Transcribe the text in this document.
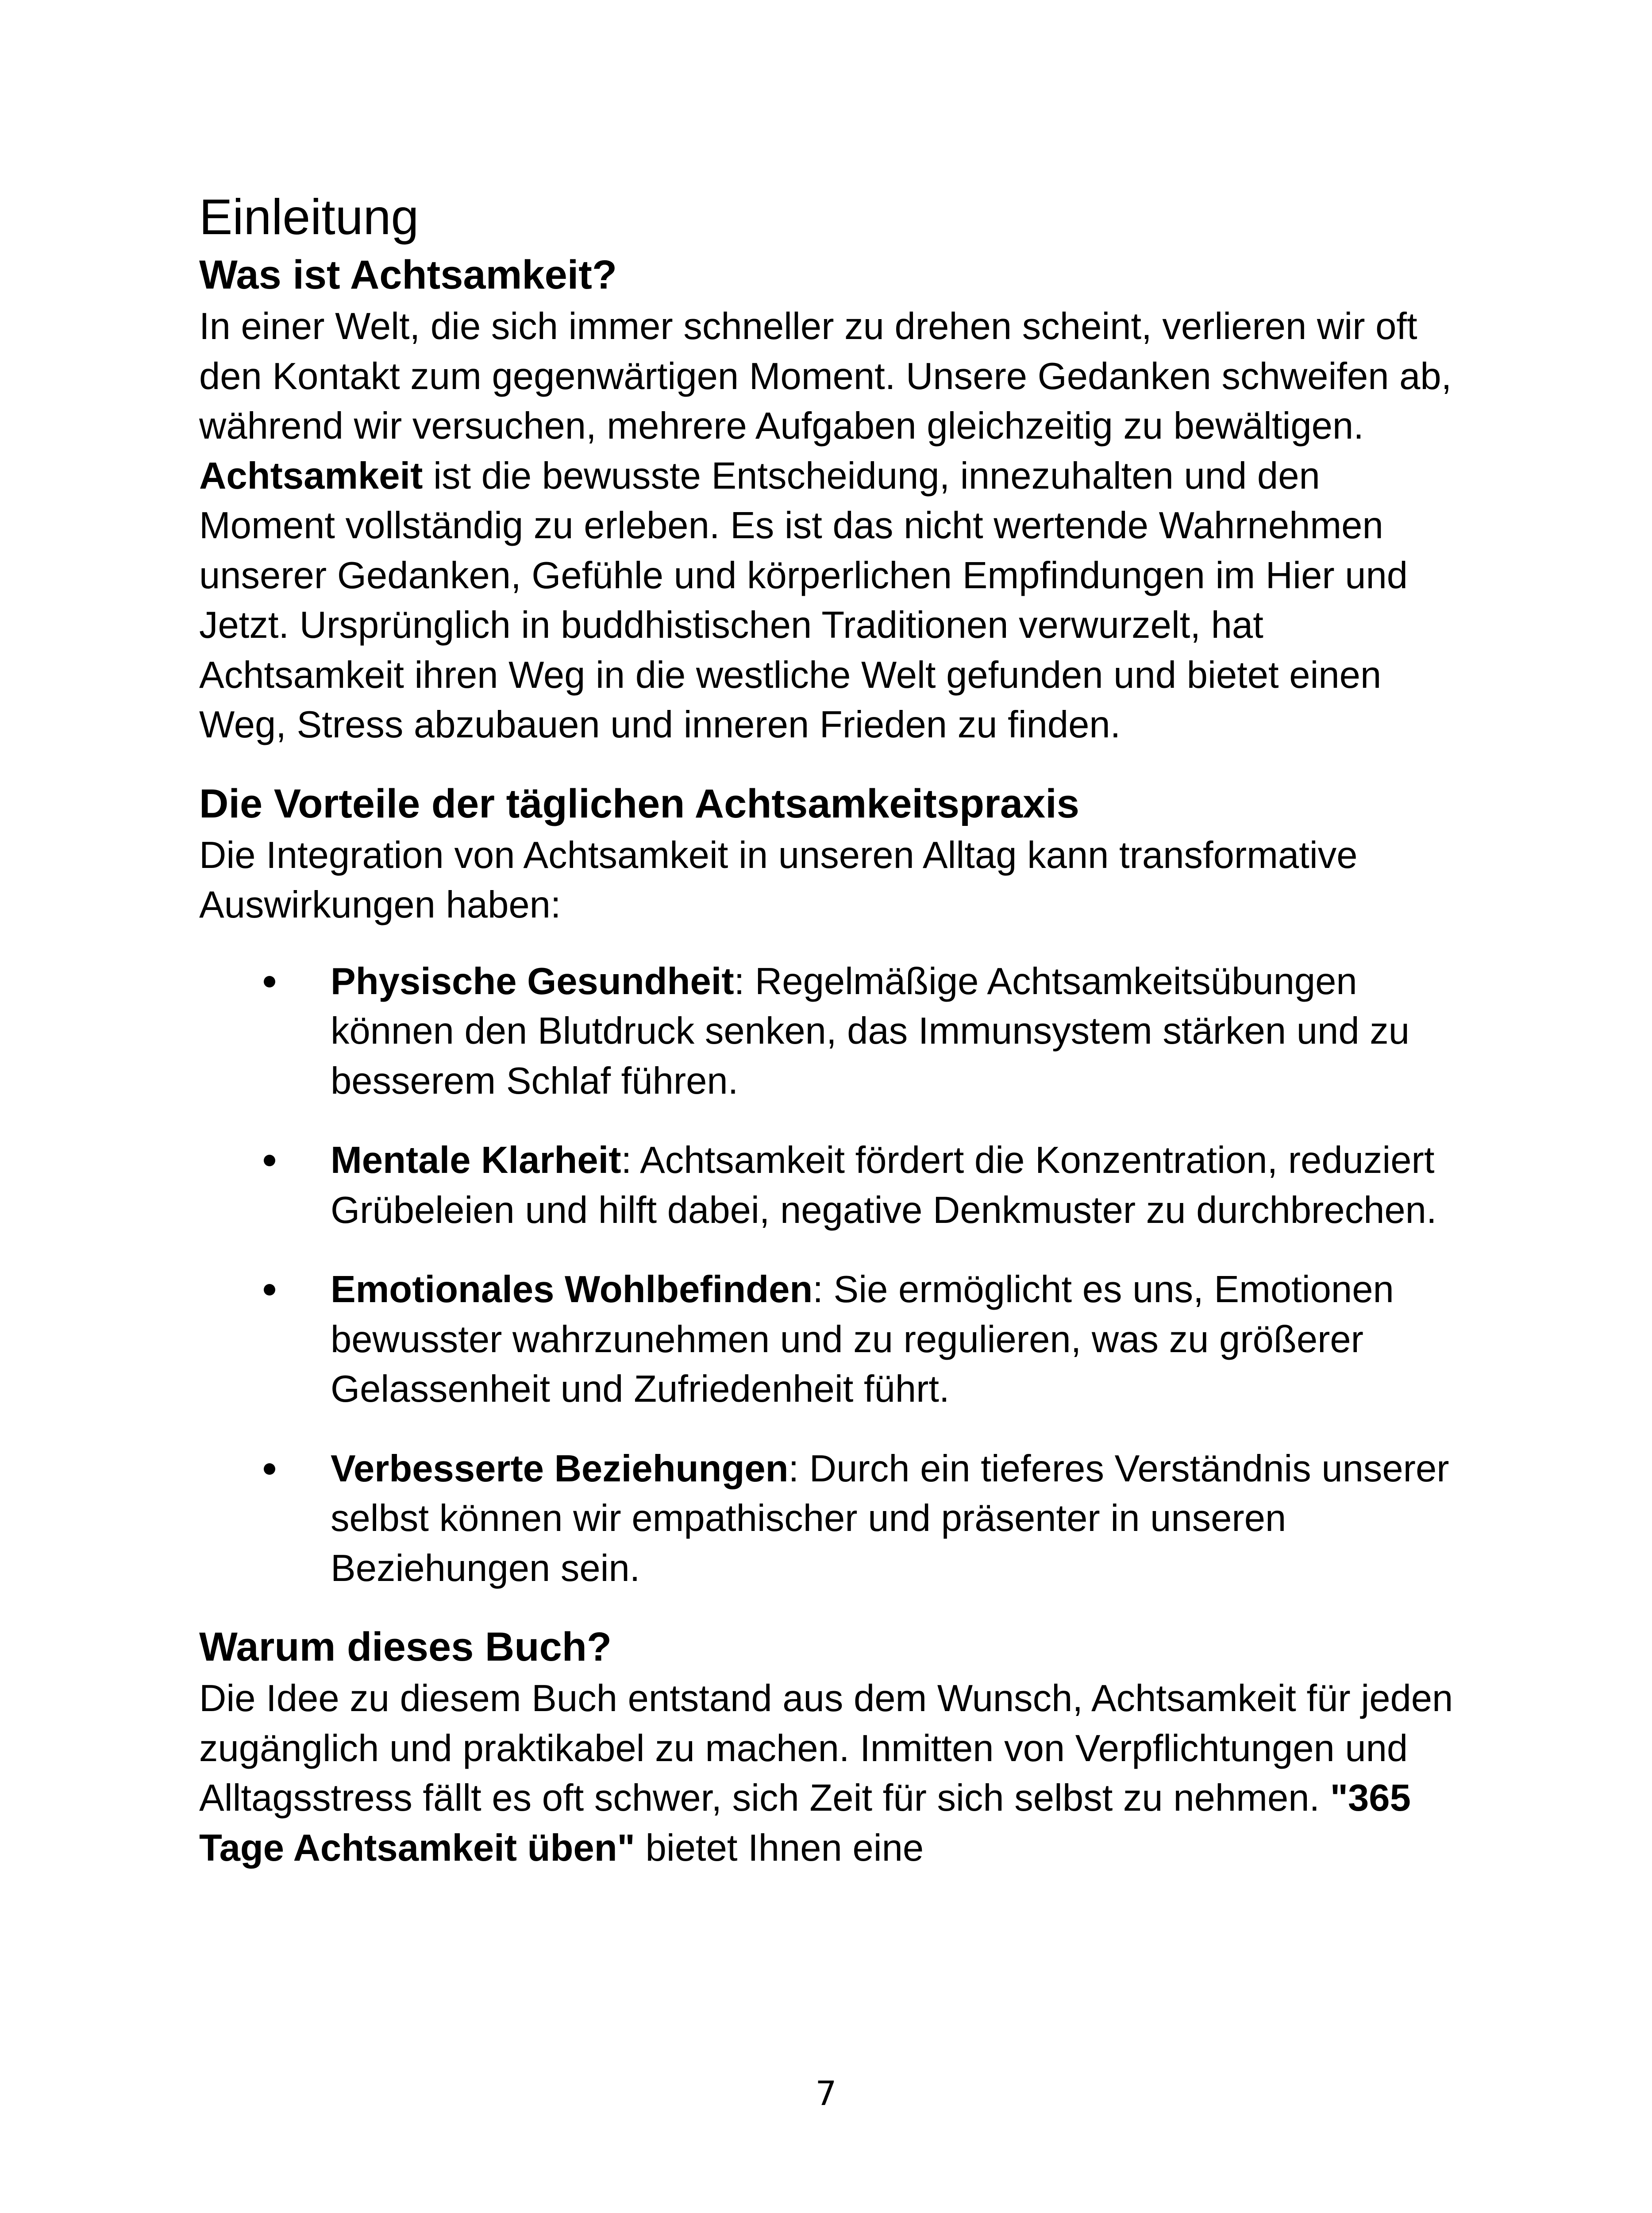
Einleitung
Was ist Achtsamkeit?

In einer Welt, die sich immer schneller zu drehen scheint, verlieren wir oft den Kontakt zum gegenwärtigen Moment. Unsere Gedanken schweifen ab, während wir versuchen, mehrere Aufgaben gleichzeitig zu bewältigen. Achtsamkeit ist die bewusste Entscheidung, innezuhalten und den Moment vollständig zu erleben. Es ist das nicht wertende Wahrnehmen unserer Gedanken, Gefühle und körperlichen Empfindungen im Hier und Jetzt. Ursprünglich in buddhistischen Traditionen verwurzelt, hat Achtsamkeit ihren Weg in die westliche Welt gefunden und bietet einen Weg, Stress abzubauen und inneren Frieden zu finden.

Die Vorteile der täglichen Achtsamkeitspraxis

Die Integration von Achtsamkeit in unseren Alltag kann transformative Auswirkungen haben:

Physische Gesundheit: Regelmäßige Achtsamkeitsübungen können den Blutdruck senken, das Immunsystem stärken und zu besserem Schlaf führen.
Mentale Klarheit: Achtsamkeit fördert die Konzentration, reduziert Grübeleien und hilft dabei, negative Denkmuster zu durchbrechen.
Emotionales Wohlbefinden: Sie ermöglicht es uns, Emotionen bewusster wahrzunehmen und zu regulieren, was zu größerer Gelassenheit und Zufriedenheit führt.
Verbesserte Beziehungen: Durch ein tieferes Verständnis unserer selbst können wir empathischer und präsenter in unseren Beziehungen sein.
Warum dieses Buch?

Die Idee zu diesem Buch entstand aus dem Wunsch, Achtsamkeit für jeden zugänglich und praktikabel zu machen. Inmitten von Verpflichtungen und Alltagsstress fällt es oft schwer, sich Zeit für sich selbst zu nehmen. "365 Tage Achtsamkeit üben" bietet Ihnen eine

7
